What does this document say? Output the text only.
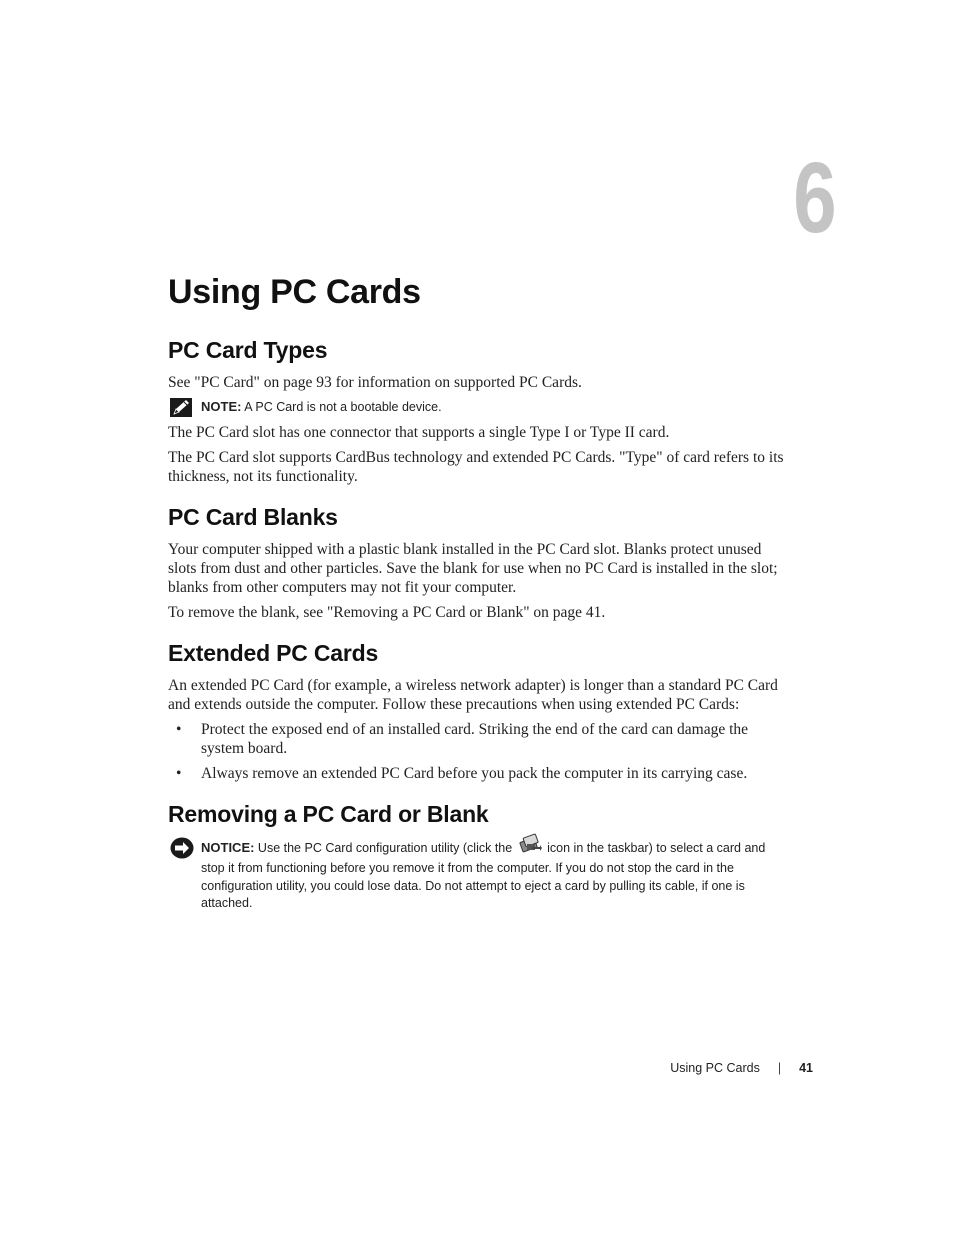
6
Using PC Cards
PC Card Types

See "PC Card" on page 93 for information on supported PC Cards.

NOTE: A PC Card is not a bootable device.

The PC Card slot has one connector that supports a single Type I or Type II card.

The PC Card slot supports CardBus technology and extended PC Cards. "Type" of card refers to its thickness, not its functionality.

PC Card Blanks

Your computer shipped with a plastic blank installed in the PC Card slot. Blanks protect unused slots from dust and other particles. Save the blank for use when no PC Card is installed in the slot; blanks from other computers may not fit your computer.

To remove the blank, see "Removing a PC Card or Blank" on page 41.

Extended PC Cards

An extended PC Card (for example, a wireless network adapter) is longer than a standard PC Card and extends outside the computer. Follow these precautions when using extended PC Cards:

• Protect the exposed end of an installed card. Striking the end of the card can damage the system board.
• Always remove an extended PC Card before you pack the computer in its carrying case.
Removing a PC Card or Blank
NOTICE: Use the PC Card configuration utility (click the  icon in the taskbar) to select a card and stop it from functioning before you remove it from the computer. If you do not stop the card in the configuration utility, you could lose data. Do not attempt to eject a card by pulling its cable, if one is attached.
Using PC Cards | 41
